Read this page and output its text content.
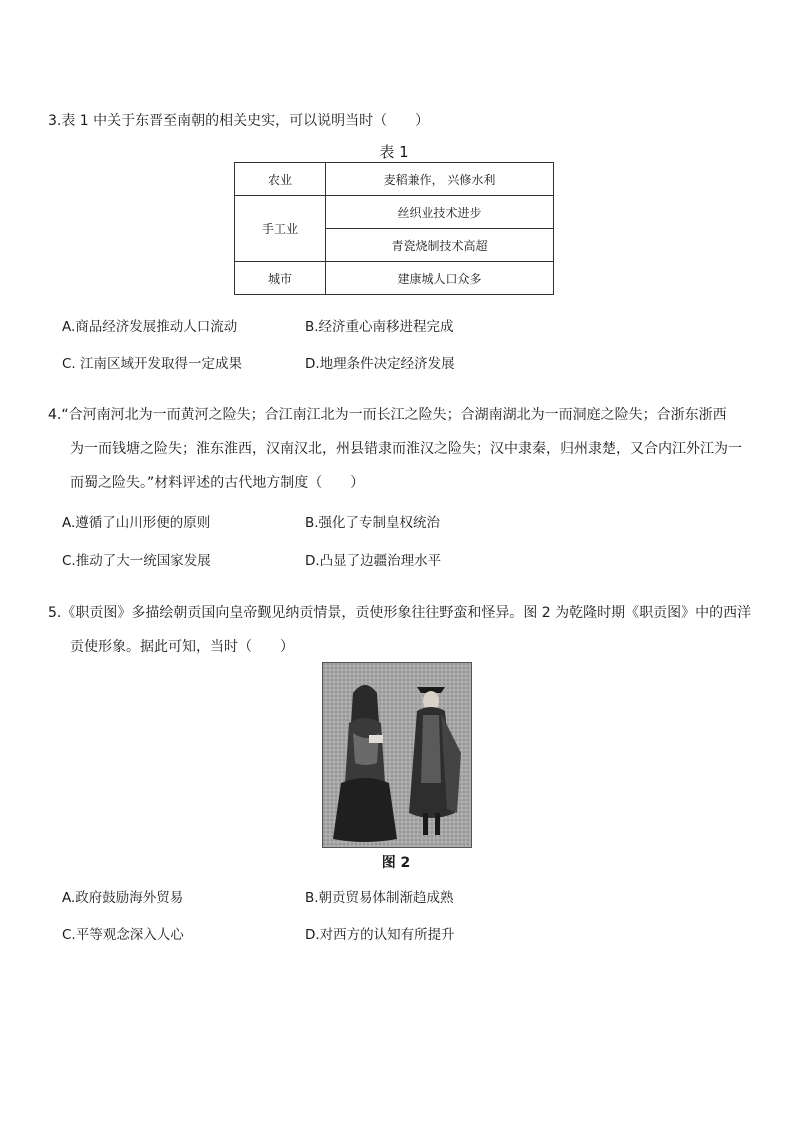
3.表 1 中关于东晋至南朝的相关史实，可以说明当时（　　）

表 1
农业	麦稻兼作， 兴修水利
手工业	丝织业技术进步
	青瓷烧制技术高超
城市	建康城人口众多
A.商品经济发展推动人口流动	B.经济重心南移进程完成
C. 江南区域开发取得一定成果	D.地理条件决定经济发展
4.“合河南河北为一而黄河之险失；合江南江北为一而长江之险失；合湖南湖北为一而洞庭之险失；合浙东浙西
为一而钱塘之险失；淮东淮西，汉南汉北，州县错隶而淮汉之险失；汉中隶秦，归州隶楚，又合内江外江为一
而蜀之险失。”材料评述的古代地方制度（　　）
A.遵循了山川形便的原则	B.强化了专制皇权统治
C.推动了大一统国家发展	D.凸显了边疆治理水平
5.《职贡图》多描绘朝贡国向皇帝觐见纳贡情景，贡使形象往往野蛮和怪异。图 2 为乾隆时期《职贡图》中的西洋
贡使形象。据此可知，当时（　　）
图 2
A.政府鼓励海外贸易	B.朝贡贸易体制渐趋成熟
C.平等观念深入人心	D.对西方的认知有所提升
